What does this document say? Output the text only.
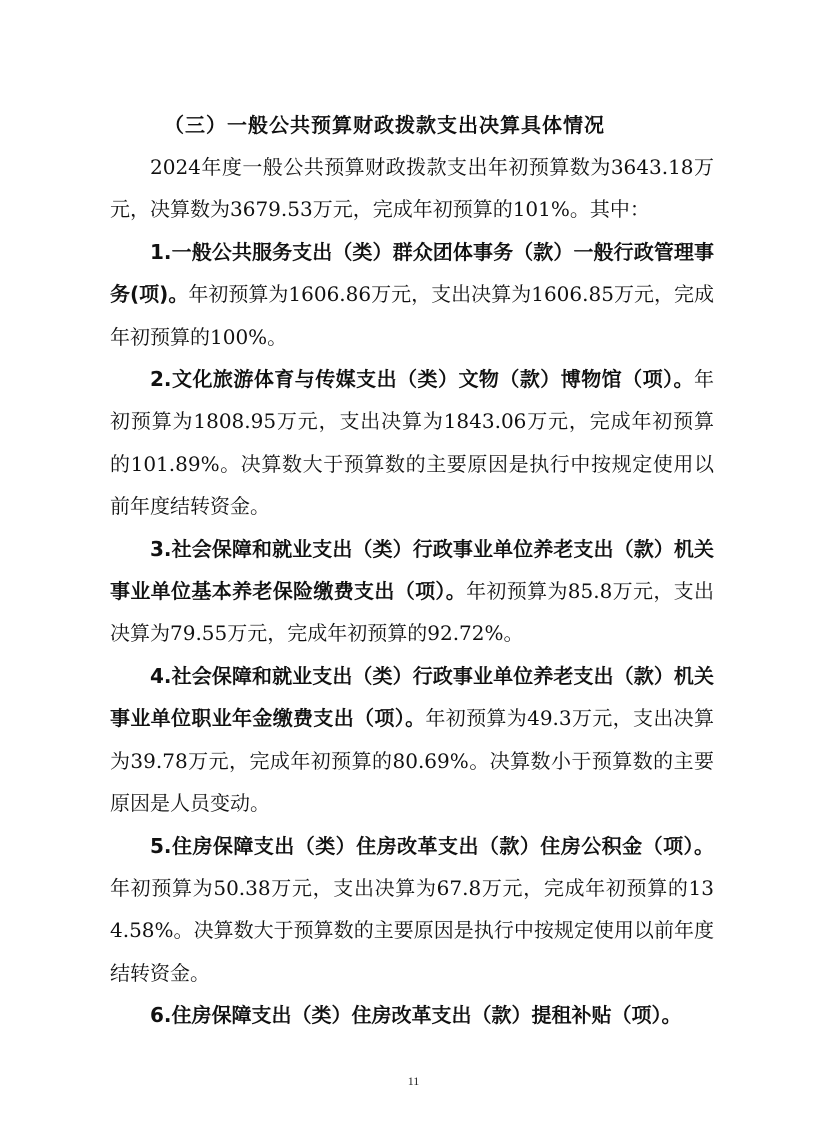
（三）一般公共预算财政拨款支出决算具体情况

2024年度一般公共预算财政拨款支出年初预算数为3643.18万元，决算数为3679.53万元，完成年初预算的101%。其中：

1.一般公共服务支出（类）群众团体事务（款）一般行政管理事务(项)。年初预算为1606.86万元，支出决算为1606.85万元，完成年初预算的100%。

2.文化旅游体育与传媒支出（类）文物（款）博物馆（项）。年初预算为1808.95万元，支出决算为1843.06万元，完成年初预算的101.89%。决算数大于预算数的主要原因是执行中按规定使用以前年度结转资金。

3.社会保障和就业支出（类）行政事业单位养老支出（款）机关事业单位基本养老保险缴费支出（项）。年初预算为85.8万元，支出决算为79.55万元，完成年初预算的92.72%。

4.社会保障和就业支出（类）行政事业单位养老支出（款）机关事业单位职业年金缴费支出（项）。年初预算为49.3万元，支出决算为39.78万元，完成年初预算的80.69%。决算数小于预算数的主要原因是人员变动。

5.住房保障支出（类）住房改革支出（款）住房公积金（项）。年初预算为50.38万元，支出决算为67.8万元，完成年初预算的134.58%。决算数大于预算数的主要原因是执行中按规定使用以前年度结转资金。

6.住房保障支出（类）住房改革支出（款）提租补贴（项）。

11
